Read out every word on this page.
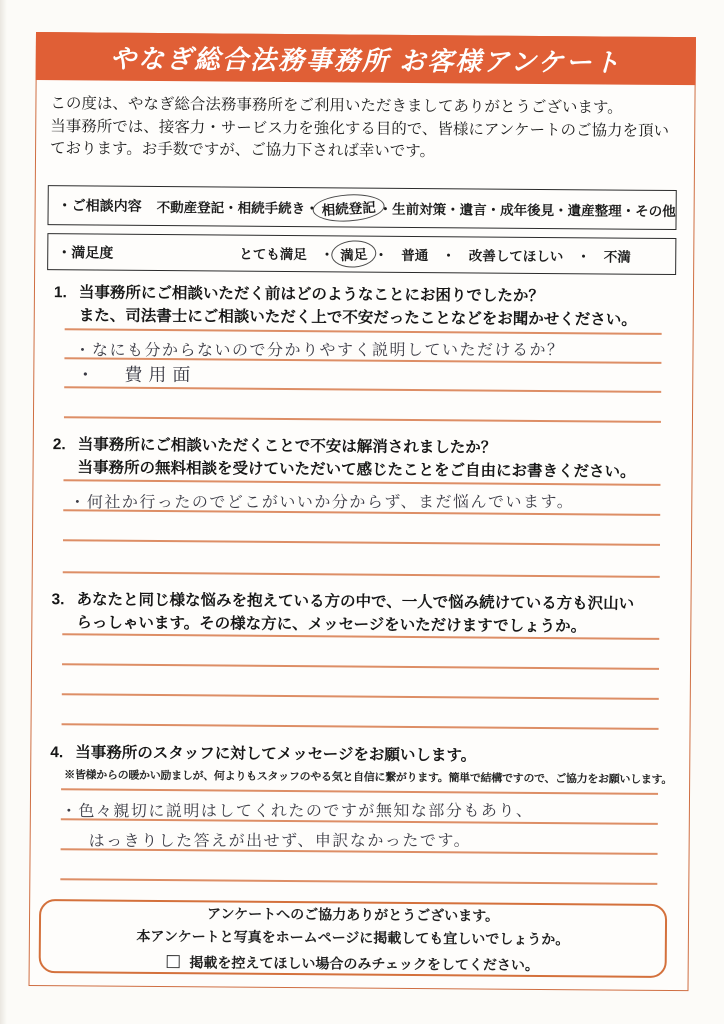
やなぎ総合法務事務所 お客様アンケート
この度は、やなぎ総合法務事務所をご利用いただきましてありがとうございます。
当事務所では、接客力・サービス力を強化する目的で、皆様にアンケートのご協力を頂い
ております。お手数ですが、ご協力下されば幸いです。
・ご相談内容	不動産登記・相続手続き・ 相続登記 ・生前対策・遺言・成年後見・遺産整理・その他
・満足度	とても満足　・ 満足 ・　普通　・　改善してほしい　・　不満
1. 当事務所にご相談いただく前はどのようなことにお困りでしたか？
また、司法書士にご相談いただく上で不安だったことなどをお聞かせください。
・なにも分からないので分かりやすく説明していただけるか？
・　費用面
2. 当事務所にご相談いただくことで不安は解消されましたか？
当事務所の無料相談を受けていただいて感じたことをご自由にお書きください。
・何社か行ったのでどこがいいか分からず、まだ悩んでいます。
3. あなたと同じ様な悩みを抱えている方の中で、一人で悩み続けている方も沢山い
らっしゃいます。その様な方に、メッセージをいただけますでしょうか。
4. 当事務所のスタッフに対してメッセージをお願いします。
※皆様からの暖かい励ましが、何よりもスタッフのやる気と自信に繋がります。簡単で結構ですので、ご協力をお願いします。
・色々親切に説明はしてくれたのですが無知な部分もあり、
はっきりした答えが出せず、申訳なかったです。
アンケートへのご協力ありがとうございます。
本アンケートと写真をホームページに掲載しても宜しいでしょうか。
掲載を控えてほしい場合のみチェックをしてください。
